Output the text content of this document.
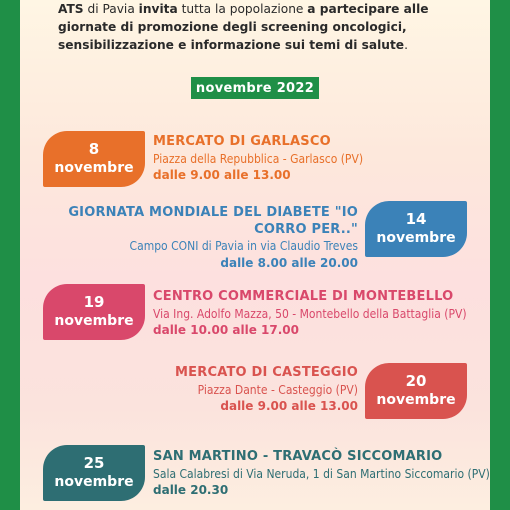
ATS di Pavia invita tutta la popolazione a partecipare alle giornate di promozione degli screening oncologici, sensibilizzazione e informazione sui temi di salute.

novembre 2022
8
novembre
MERCATO DI GARLASCO
Piazza della Repubblica - Garlasco (PV)
dalle 9.00 alle 13.00
GIORNATA MONDIALE DEL DIABETE "IO CORRO PER.."
Campo CONI di Pavia in via Claudio Treves
dalle 8.00 alle 20.00
14
novembre
19
novembre
CENTRO COMMERCIALE DI MONTEBELLO
Via Ing. Adolfo Mazza, 50 - Montebello della Battaglia (PV)
dalle 10.00 alle 17.00
MERCATO DI CASTEGGIO
Piazza Dante - Casteggio (PV)
dalle 9.00 alle 13.00
20
novembre
25
novembre
SAN MARTINO - TRAVACÒ SICCOMARIO
Sala Calabresi di Via Neruda, 1 di San Martino Siccomario (PV)
dalle 20.30
